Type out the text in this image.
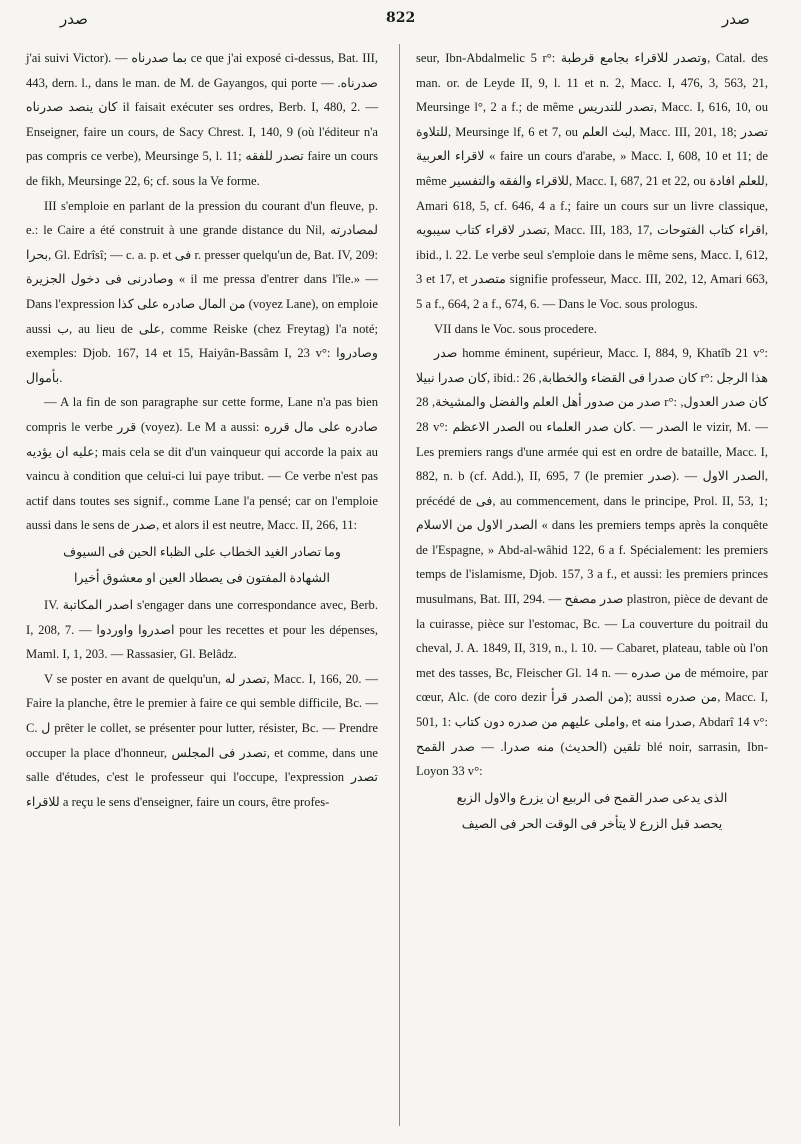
ﺻﺪﺭ	822	ﺻﺪﺭ

j'ai suivi Victor). — ﺑﻤﺎ ﺻﺪﺭﻧﺎﻩ ce que j'ai exposé ci-dessus, Bat. III, 443, dern. l., dans le man. de M. de Gayangos, qui porte ﺻﺪﺭﻧﺎﻩ. — ﻛﺎﻥ ﻳﻨﺼﺪ ﺻﺪﺭﻧﺎﻩ il faisait exécuter ses ordres, Berb. I, 480, 2. — Enseigner, faire un cours, de Sacy Chrest. I, 140, 9 (où l'éditeur n'a pas compris ce verbe), Meursinge 5, l. 11; ﺗﺼﺪﺭ ﻟﻠﻔﻘﻪ faire un cours de fikh, Meursinge 22, 6; cf. sous la Ve forme.

III s'emploie en parlant de la pression du courant d'un fleuve, p. e.: le Caire a été construit à une grande distance du Nil, ﻟﻤﺼﺎﺩﺭﺗﻪ ﺑﺤﺮﺍ, Gl. Edrîsî; — c. a. p. et ﻓﻰ r. presser quelqu'un de, Bat. IV, 209: ﻭﺻﺎﺩﺭﻧﻰ ﻓﻰ ﺩﺧﻮﻝ ﺍﻟﺠﺰﻳﺮﺓ « il me pressa d'entrer dans l'île.» — Dans l'expression ﻣﻦ ﺍﻟﻤﺎﻝ ﺻﺎﺩﺭﻩ ﻋﻠﻰ ﻛﺬﺍ (voyez Lane), on emploie aussi ﺏ, au lieu de ﻋﻠﻰ, comme Reiske (chez Freytag) l'a noté; exemples: Djob. 167, 14 et 15, Haiyân-Bassâm I, 23 v°: ﻭﺻﺎﺩﺭﻭﺍ ﺑﺄﻣﻮﺍﻝ.

— A la fin de son paragraphe sur cette forme, Lane n'a pas bien compris le verbe ﻗﺮﺭ (voyez). Le M a aussi: ﺻﺎﺩﺭﻩ ﻋﻠﻰ ﻣﺎﻝ ﻗﺮﺭﻩ ﻋﻠﻴﻪ ﺍﻥ ﻳﺆﺩﻳﻪ; mais cela se dit d'un vainqueur qui accorde la paix au vaincu à condition que celui-ci lui paye tribut. — Ce verbe n'est pas actif dans toutes ses signif., comme Lane l'a pensé; car on l'emploie aussi dans le sens de ﺻﺪﺭ, et alors il est neutre, Macc. II, 266, 11:

ﻭﻣﺎ ﺗﺼﺎﺩﺭ ﺍﻟﻐﻴﺪ ﺍﻟﺨﻄﺎﺏ ﻋﻠﻰ ﺍﻟﻈﺒﺎﺀ ﺍﻟﺤﻴﻦ ﻓﻰ ﺍﻟﺴﻴﻮﻑ

ﺍﻟﺸﻬﺎﺩﺓ ﺍﻟﻤﻔﺘﻮﻥ ﻓﻰ ﻳﺼﻄﺎﺩ ﺍﻟﻌﻴﻦ ﺍﻭ ﻣﻌﺸﻮﻕ ﺃﺧﻴﺮﺍ

IV. ﺍﺻﺪﺭ ﺍﻟﻤﻜﺎﺗﺒﺔ s'engager dans une correspondance avec, Berb. I, 208, 7. — ﺍﺻﺪﺭﻭﺍ ﻭﺍﻭﺭﺩﻭﺍ pour les recettes et pour les dépenses, Maml. I, 1, 203. — Rassasier, Gl. Belâdz.

V se poster en avant de quelqu'un, ﺗﺼﺪﺭ ﻟﻪ, Macc. I, 166, 20. — Faire la planche, être le premier à faire ce qui semble difficile, Bc. — C. ﻝ prêter le collet, se présenter pour lutter, résister, Bc. — Prendre occuper la place d'honneur, ﺗﺼﺪﺭ ﻓﻰ ﺍﻟﻤﺠﻠﺲ, et comme, dans une salle d'études, c'est le professeur qui l'occupe, l'expression ﺗﺼﺪﺭ ﻟﻼﻗﺮﺍﺀ a reçu le sens d'enseigner, faire un cours, être profes-

seur, Ibn-Abdalmelic 5 r°: ﻭﺗﺼﺪﺭ ﻟﻼﻗﺮﺍﺀ ﺑﺠﺎﻣﻊ ﻗﺮﻃﺒﺔ, Catal. des man. or. de Leyde II, 9, l. 11 et n. 2, Macc. I, 476, 3, 563, 21, Meursinge l°, 2 a f.; de même ﺗﺼﺪﺭ ﻟﻠﺘﺪﺭﻳﺲ, Macc. I, 616, 10, ou ﻟﻠﺘﻼﻭﺓ, Meursinge lf, 6 et 7, ou ﻟﺒﺚ ﺍﻟﻌﻠﻢ, Macc. III, 201, 18; ﺗﺼﺪﺭ ﻻﻗﺮﺍﺀ ﺍﻟﻌﺮﺑﻴﺔ « faire un cours d'arabe, » Macc. I, 608, 10 et 11; de même ﻟﻼﻗﺮﺍﺀ ﻭﺍﻟﻔﻘﻪ ﻭﺍﻟﺘﻔﺴﻴﺮ, Macc. I, 687, 21 et 22, ou ﻟﻠﻌﻠﻢ ﺍﻓﺎﺩﺓ, Amari 618, 5, cf. 646, 4 a f.; faire un cours sur un livre classique, ﺗﺼﺪﺭ ﻻﻗﺮﺍﺀ ﻛﺘﺎﺏ ﺳﻴﺒﻮﻳﻪ, Macc. III, 183, 17, ﺍﻗﺮﺍﺀ ﻛﺘﺎﺏ ﺍﻟﻔﺘﻮﺣﺎﺕ, ibid., l. 22. Le verbe seul s'emploie dans le même sens, Macc. I, 612, 3 et 17, et ﻣﺘﺼﺪﺭ signifie professeur, Macc. III, 202, 12, Amari 663, 5 a f., 664, 2 a f., 674, 6. — Dans le Voc. sous prologus.

VII dans le Voc. sous procedere.

ﺻﺪﺭ homme éminent, supérieur, Macc. I, 884, 9, Khatîb 21 v°: ﻛﺎﻥ ﺻﺪﺭﺍ ﻧﺒﻴﻼ, ibid.: ﻛﺎﻥ ﺻﺪﺭﺍ ﻓﻰ ﺍﻟﻘﻀﺎﺀ ﻭﺍﻟﺨﻄﺎﺑﺔ, 26 r°: ﻫﺬﺍ ﺍﻟﺮﺟﻞ ﺻﺪﺭ ﻣﻦ ﺻﺪﻭﺭ ﺃﻫﻞ ﺍﻟﻌﻠﻢ ﻭﺍﻟﻔﻀﻞ ﻭﺍﻟﻤﺸﻴﺨﺔ, 28 r°: ﻛﺎﻥ ﺻﺪﺭ ﺍﻟﻌﺪﻭﻝ, 28 v°: ﺍﻟﺼﺪﺭ ﺍﻻﻋﻈﻢ ou ﺍﻟﺼﺪﺭ — .ﻛﺎﻥ ﺻﺪﺭ ﺍﻟﻌﻠﻤﺎﺀ le vizir, M. — Les premiers rangs d'une armée qui est en ordre de bataille, Macc. I, 882, n. b (cf. Add.), II, 695, 7 (le premier ﺻﺪﺭ). — ﺍﻟﺼﺪﺭ ﺍﻻﻭﻝ, précédé de ﻓﻰ, au commencement, dans le principe, Prol. II, 53, 1; ﺍﻟﺼﺪﺭ ﺍﻻﻭﻝ ﻣﻦ ﺍﻻﺳﻼﻡ « dans les premiers temps après la conquête de l'Espagne, » Abd-al-wâhid 122, 6 a f. Spécialement: les premiers temps de l'islamisme, Djob. 157, 3 a f., et aussi: les premiers princes musulmans, Bat. III, 294. — ﺻﺪﺭ ﻣﺼﻔﺢ plastron, pièce de devant de la cuirasse, pièce sur l'estomac, Bc. — La couverture du poitrail du cheval, J. A. 1849, II, 319, n., l. 10. — Cabaret, plateau, table où l'on met des tasses, Bc, Fleischer Gl. 14 n. — ﻣﻦ ﺻﺪﺭﻩ de mémoire, par cœur, Alc. (de coro dezir ﻣﻦ ﺍﻟﺼﺪﺭ ﻗﺮﺃ); aussi ﻣﻦ ﺻﺪﺭﻩ, Macc. I, 501, 1: ﻭﺍﻣﻠﻰ ﻋﻠﻴﻬﻢ ﻣﻦ ﺻﺪﺭﻩ ﺩﻭﻥ ﻛﺘﺎﺏ, et ﺻﺪﺭﺍ ﻣﻨﻪ, Abdarî 14 v°: ﺗﻠﻘﻴﻦ (ﺍﻟﺤﺪﻳﺚ) ﻣﻨﻪ ﺻﺪﺭﺍ. — ﺻﺪﺭ ﺍﻟﻘﻤﺢ blé noir, sarrasin, Ibn-Loyon 33 v°:

ﺍﻟﺬﻯ ﻳﺪﻋﻰ ﺻﺪﺭ ﺍﻟﻘﻤﺢ ﻓﻰ ﺍﻟﺮﺑﻴﻊ ﺍﻥ ﻳﺰﺭﻉ ﻭﺍﻻﻭﻝ ﺍﻟﺰﺑﻊ

ﻳﺤﺼﺪ ﻗﺒﻞ ﺍﻟﺰﺭﻉ ﻻ ﻳﺘﺄﺧﺮ ﻓﻰ ﺍﻟﻮﻗﺖ ﺍﻟﺤﺮ ﻓﻰ ﺍﻟﺼﻴﻒ
